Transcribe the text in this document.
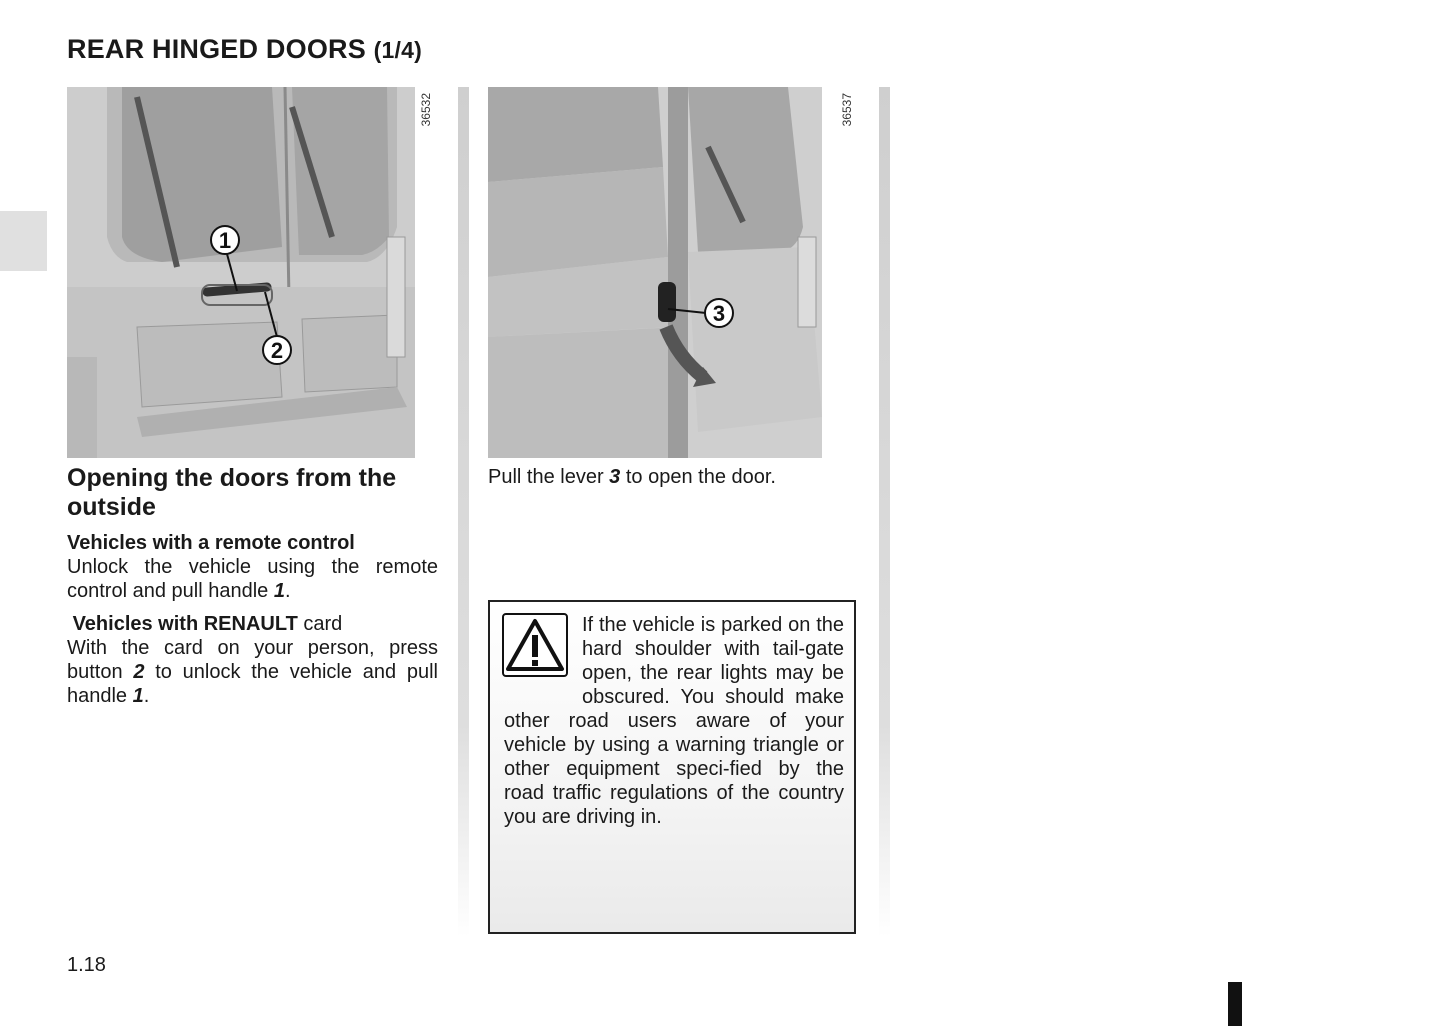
REAR HINGED DOORS (1/4)
1
2
36532
3
36537
Opening the doors from the outside
Vehicles with a remote control
Unlock the vehicle using the remote control and pull handle 1.
Vehicles with RENAULT card
With the card on your person, press button 2 to unlock the vehicle and pull handle 1.
Pull the lever 3 to open the door.
If the vehicle is parked on the hard shoulder with tail-gate open, the rear lights may be obscured. You should make other road users aware of your vehicle by using a warning triangle or other equipment speci-fied by the road traffic regulations of the country you are driving in.
1.18
